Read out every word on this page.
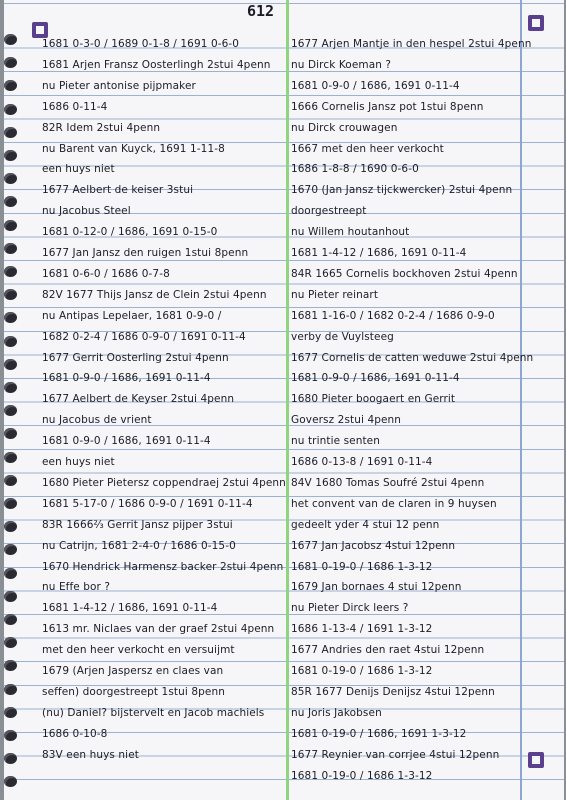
612
1681 0-3-0 / 1689 0-1-8 / 1691 0-6-0
1681 Arjen Fransz Oosterlingh 2stui 4penn
nu Pieter antonise pijpmaker
1686 0-11-4
82R Idem 2stui 4penn
nu Barent van Kuyck, 1691 1-11-8
een huys niet
1677 Aelbert de keiser 3stui
nu Jacobus Steel
1681 0-12-0 / 1686, 1691 0-15-0
1677 Jan Jansz den ruigen 1stui 8penn
1681 0-6-0 / 1686 0-7-8
82V 1677 Thijs Jansz de Clein 2stui 4penn
nu Antipas Lepelaer, 1681 0-9-0 /
1682 0-2-4 / 1686 0-9-0 / 1691 0-11-4
1677 Gerrit Oosterling 2stui 4penn
1681 0-9-0 / 1686, 1691 0-11-4
1677 Aelbert de Keyser 2stui 4penn
nu Jacobus de vrient
1681 0-9-0 / 1686, 1691 0-11-4
een huys niet
1680 Pieter Pietersz coppendraej 2stui 4penn
1681 5-17-0 / 1686 0-9-0 / 1691 0-11-4
83R 1666⅔ Gerrit Jansz pijper 3stui
nu Catrijn, 1681 2-4-0 / 1686 0-15-0
1670 Hendrick Harmensz backer 2stui 4penn
nu Effe bor ?
1681 1-4-12 / 1686, 1691 0-11-4
1613 mr. Niclaes van der graef 2stui 4penn
met den heer verkocht en versuijmt
1679 (Arjen Jaspersz en claes van
seffen) doorgestreept 1stui 8penn
(nu) Daniel? bijstervelt en Jacob machiels
1686 0-10-8
83V een huys niet
1677 Arjen Mantje in den hespel 2stui 4penn
nu Dirck Koeman ?
1681 0-9-0 / 1686, 1691 0-11-4
1666 Cornelis Jansz pot 1stui 8penn
nu Dirck crouwagen
1667 met den heer verkocht
1686 1-8-8 / 1690 0-6-0
1670 (Jan Jansz tijckwercker) 2stui 4penn
doorgestreept
nu Willem houtanhout
1681 1-4-12 / 1686, 1691 0-11-4
84R 1665 Cornelis bockhoven 2stui 4penn
nu Pieter reinart
1681 1-16-0 / 1682 0-2-4 / 1686 0-9-0
verby de Vuylsteeg
1677 Cornelis de catten weduwe 2stui 4penn
1681 0-9-0 / 1686, 1691 0-11-4
1680 Pieter boogaert en Gerrit
Goversz 2stui 4penn
nu trintie senten
1686 0-13-8 / 1691 0-11-4
84V 1680 Tomas Soufré 2stui 4penn
het convent van de claren in 9 huysen
gedeelt yder 4 stui 12 penn
1677 Jan Jacobsz 4stui 12penn
1681 0-19-0 / 1686 1-3-12
1679 Jan bornaes 4 stui 12penn
nu Pieter Dirck leers ?
1686 1-13-4 / 1691 1-3-12
1677 Andries den raet 4stui 12penn
1681 0-19-0 / 1686 1-3-12
85R 1677 Denijs Denijsz 4stui 12penn
nu Joris Jakobsen
1681 0-19-0 / 1686, 1691 1-3-12
1677 Reynier van corrjee 4stui 12penn
1681 0-19-0 / 1686 1-3-12
